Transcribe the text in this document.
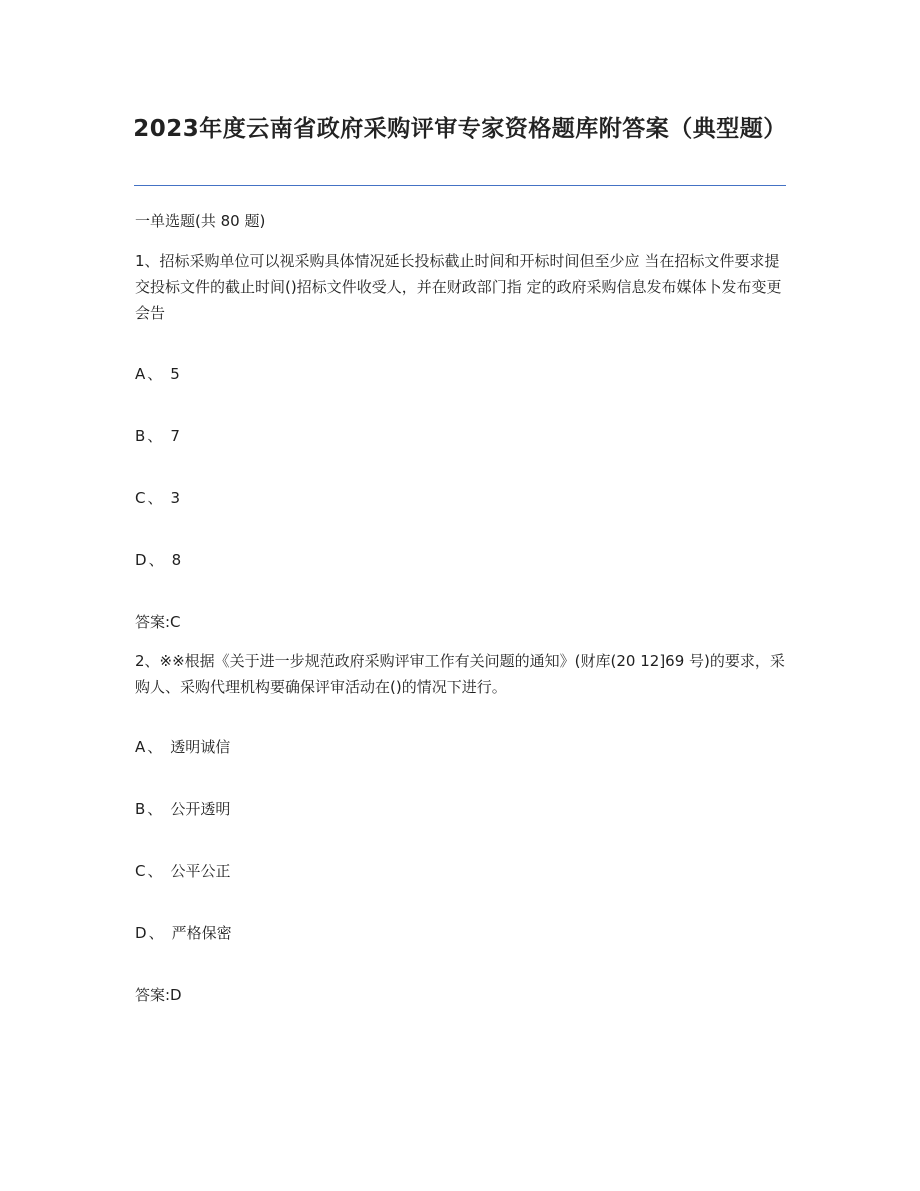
2023年度云南省政府采购评审专家资格题库附答案（典型题）
一单选题(共 80 题)
1、招标采购单位可以视采购具体情况延长投标截止时间和开标时间但至少应 当在招标文件要求提交投标文件的截止时间()招标文件收受人，并在财政部门指 定的政府采购信息发布媒体卜发布变更会告
A 、 5
B 、 7
C 、 3
D 、 8
答案:C
2、※※根据《关于进一步规范政府采购评审工作有关问题的通知》(财库(20 12]69 号)的要求，采购人、采购代理机构要确保评审活动在()的情况下进行。
A 、 透明诚信
B 、 公开透明
C 、 公平公正
D 、 严格保密
答案:D
